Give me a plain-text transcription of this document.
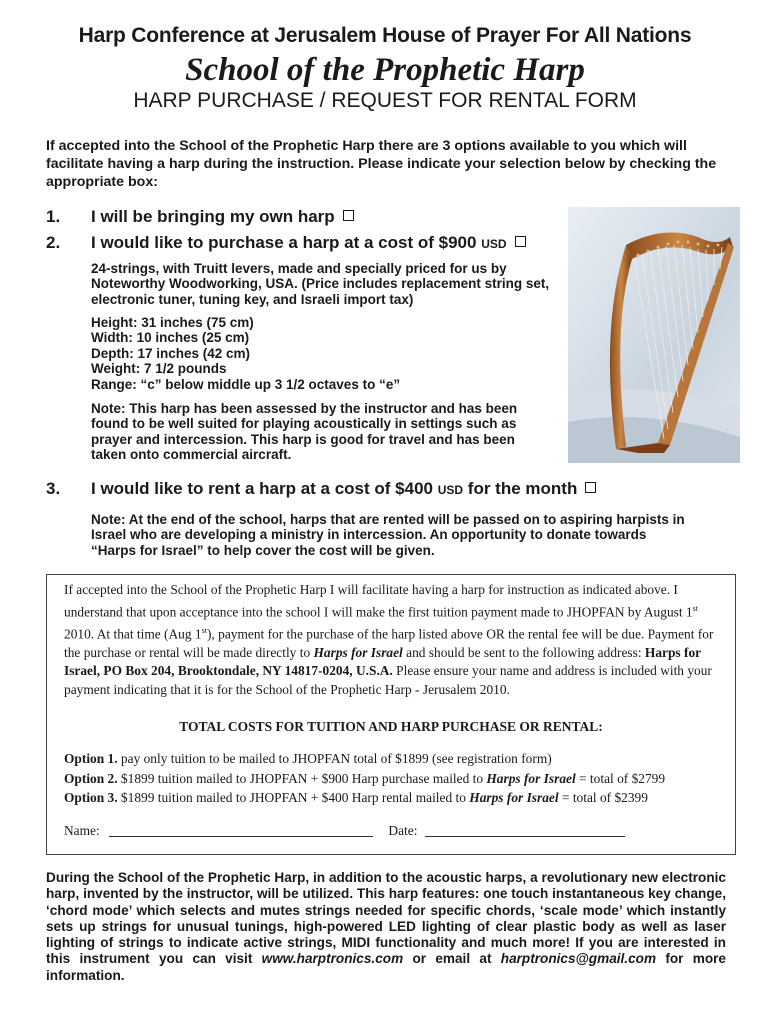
Harp Conference at Jerusalem House of Prayer For All Nations
School of the Prophetic Harp
HARP PURCHASE / REQUEST FOR RENTAL FORM
If accepted into the School of the Prophetic Harp there are 3 options available to you which will facilitate having a harp during the instruction. Please indicate your selection below by checking the appropriate box:
1. I will be bringing my own harp
2. I would like to purchase a harp at a cost of $900 USD
24-strings, with Truitt levers, made and specially priced for us by Noteworthy Woodworking, USA. (Price includes replacement string set, electronic tuner, tuning key, and Israeli import tax)
Height: 31 inches (75 cm)
Width: 10 inches (25 cm)
Depth: 17 inches (42 cm)
Weight: 7 1/2 pounds
Range: “c” below middle up 3 1/2 octaves to “e”
Note: This harp has been assessed by the instructor and has been found to be well suited for playing acoustically in settings such as prayer and intercession. This harp is good for travel and has been taken onto commercial aircraft.
3. I would like to rent a harp at a cost of $400 USD for the month
Note: At the end of the school, harps that are rented will be passed on to aspiring harpists in Israel who are developing a ministry in intercession. An opportunity to donate towards “Harps for Israel” to help cover the cost will be given.
If accepted into the School of the Prophetic Harp I will facilitate having a harp for instruction as indicated above. I understand that upon acceptance into the school I will make the first tuition payment made to JHOPFAN by August 1st 2010. At that time (Aug 1st), payment for the purchase of the harp listed above OR the rental fee will be due. Payment for the purchase or rental will be made directly to Harps for Israel and should be sent to the following address: Harps for Israel, PO Box 204, Brooktondale, NY 14817-0204, U.S.A. Please ensure your name and address is included with your payment indicating that it is for the School of the Prophetic Harp - Jerusalem 2010.
TOTAL COSTS FOR TUITION AND HARP PURCHASE OR RENTAL:
Option 1. pay only tuition to be mailed to JHOPFAN total of $1899 (see registration form)
Option 2. $1899 tuition mailed to JHOPFAN + $900 Harp purchase mailed to Harps for Israel = total of $2799
Option 3. $1899 tuition mailed to JHOPFAN + $400 Harp rental mailed to Harps for Israel = total of $2399
Name:	Date:
During the School of the Prophetic Harp, in addition to the acoustic harps, a revolutionary new electronic harp, invented by the instructor, will be utilized. This harp features: one touch instantaneous key change, ‘chord mode’ which selects and mutes strings needed for specific chords, ‘scale mode’ which instantly sets up strings for unusual tunings, high-powered LED lighting of clear plastic body as well as laser lighting of strings to indicate active strings, MIDI functionality and much more! If you are interested in this instrument you can visit www.harptronics.com or email at harptronics@gmail.com for more information.
